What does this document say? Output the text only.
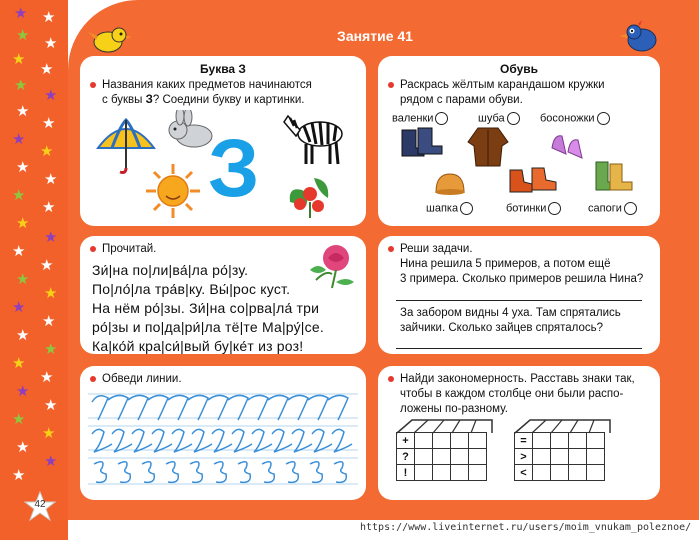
★ ★
★ ★
★
★
★
★
★
★
★
★
★
★
★
★
★
★
★
★
★
★
★
★
★
★
★
★
★
★
★
★
★
★
★
Занятие 41
Буква З
Названия каких предметов начинаются
с буквы З? Соедини букву и картинки.
З
Обувь
Раскрась жёлтым карандашом кружки
рядом с парами обуви.
валенки	шуба	босоножки
шапка	ботинки	сапоги
Прочитай.
Зи́|на по|ли|ва́|ла ро́|зу.
По|ло́|ла тра́в|ку. Вы́|рос куст.
На нём ро́|зы. Зи́|на со|рва|ла́ три
ро́|зы и по|да|ри́|ла тё|те Ма|ру́|се.
Ка|ко́й кра|си́|вый бу|ке́т из роз!
Реши задачи.
Нина решила 5 примеров, а потом ещё
3 примера. Сколько примеров решила Нина?
За забором видны 4 уха. Там спрятались
зайчики. Сколько зайцев спряталось?
Обведи линии.	Найди закономерность. Расставь знаки так,
чтобы в каждом столбце они были распо-
ложены по-разному.
+				
?				
!				
=				
>				
<				
42
https://www.liveinternet.ru/users/moim_vnukam_poleznoe/
